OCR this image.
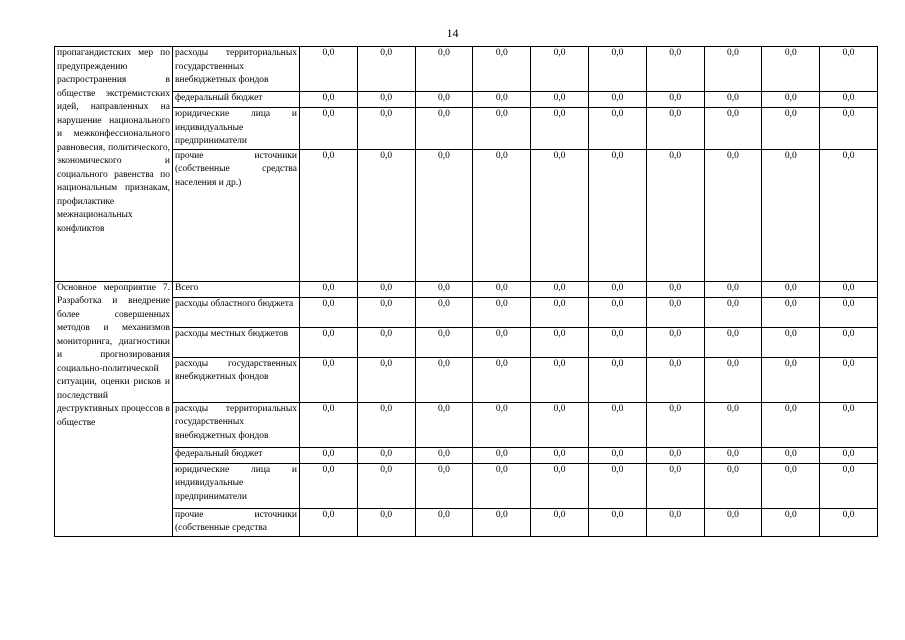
14
пропагандистских мер по предупреждению распространения в обществе экстремистских идей, направленных на нарушение национального и межконфессионального равновесия, политического, экономического и социального равенства по национальным признакам, профилактике межнациональных конфликтов	расходы территориальных государственных внебюджетных фондов	0,0	0,0	0,0	0,0	0,0	0,0	0,0	0,0	0,0	0,0
	федеральный бюджет	0,0	0,0	0,0	0,0	0,0	0,0	0,0	0,0	0,0	0,0
	юридические лица и индивидуальные предприниматели	0,0	0,0	0,0	0,0	0,0	0,0	0,0	0,0	0,0	0,0
	прочие источники (собственные средства населения и др.)	0,0	0,0	0,0	0,0	0,0	0,0	0,0	0,0	0,0	0,0
Основное мероприятие 7. Разработка и внедрение более совершенных методов и механизмов мониторинга, диагностики и прогнозирования социально-политической ситуации, оценки рисков и последствий деструктивных процессов в обществе	Всего	0,0	0,0	0,0	0,0	0,0	0,0	0,0	0,0	0,0	0,0
	расходы областного бюджета	0,0	0,0	0,0	0,0	0,0	0,0	0,0	0,0	0,0	0,0
	расходы местных бюджетов	0,0	0,0	0,0	0,0	0,0	0,0	0,0	0,0	0,0	0,0
	расходы государственных внебюджетных фондов	0,0	0,0	0,0	0,0	0,0	0,0	0,0	0,0	0,0	0,0
	расходы территориальных государственных внебюджетных фондов	0,0	0,0	0,0	0,0	0,0	0,0	0,0	0,0	0,0	0,0
	федеральный бюджет	0,0	0,0	0,0	0,0	0,0	0,0	0,0	0,0	0,0	0,0
	юридические лица и индивидуальные предприниматели	0,0	0,0	0,0	0,0	0,0	0,0	0,0	0,0	0,0	0,0
	прочие источники (собственные средства	0,0	0,0	0,0	0,0	0,0	0,0	0,0	0,0	0,0	0,0
